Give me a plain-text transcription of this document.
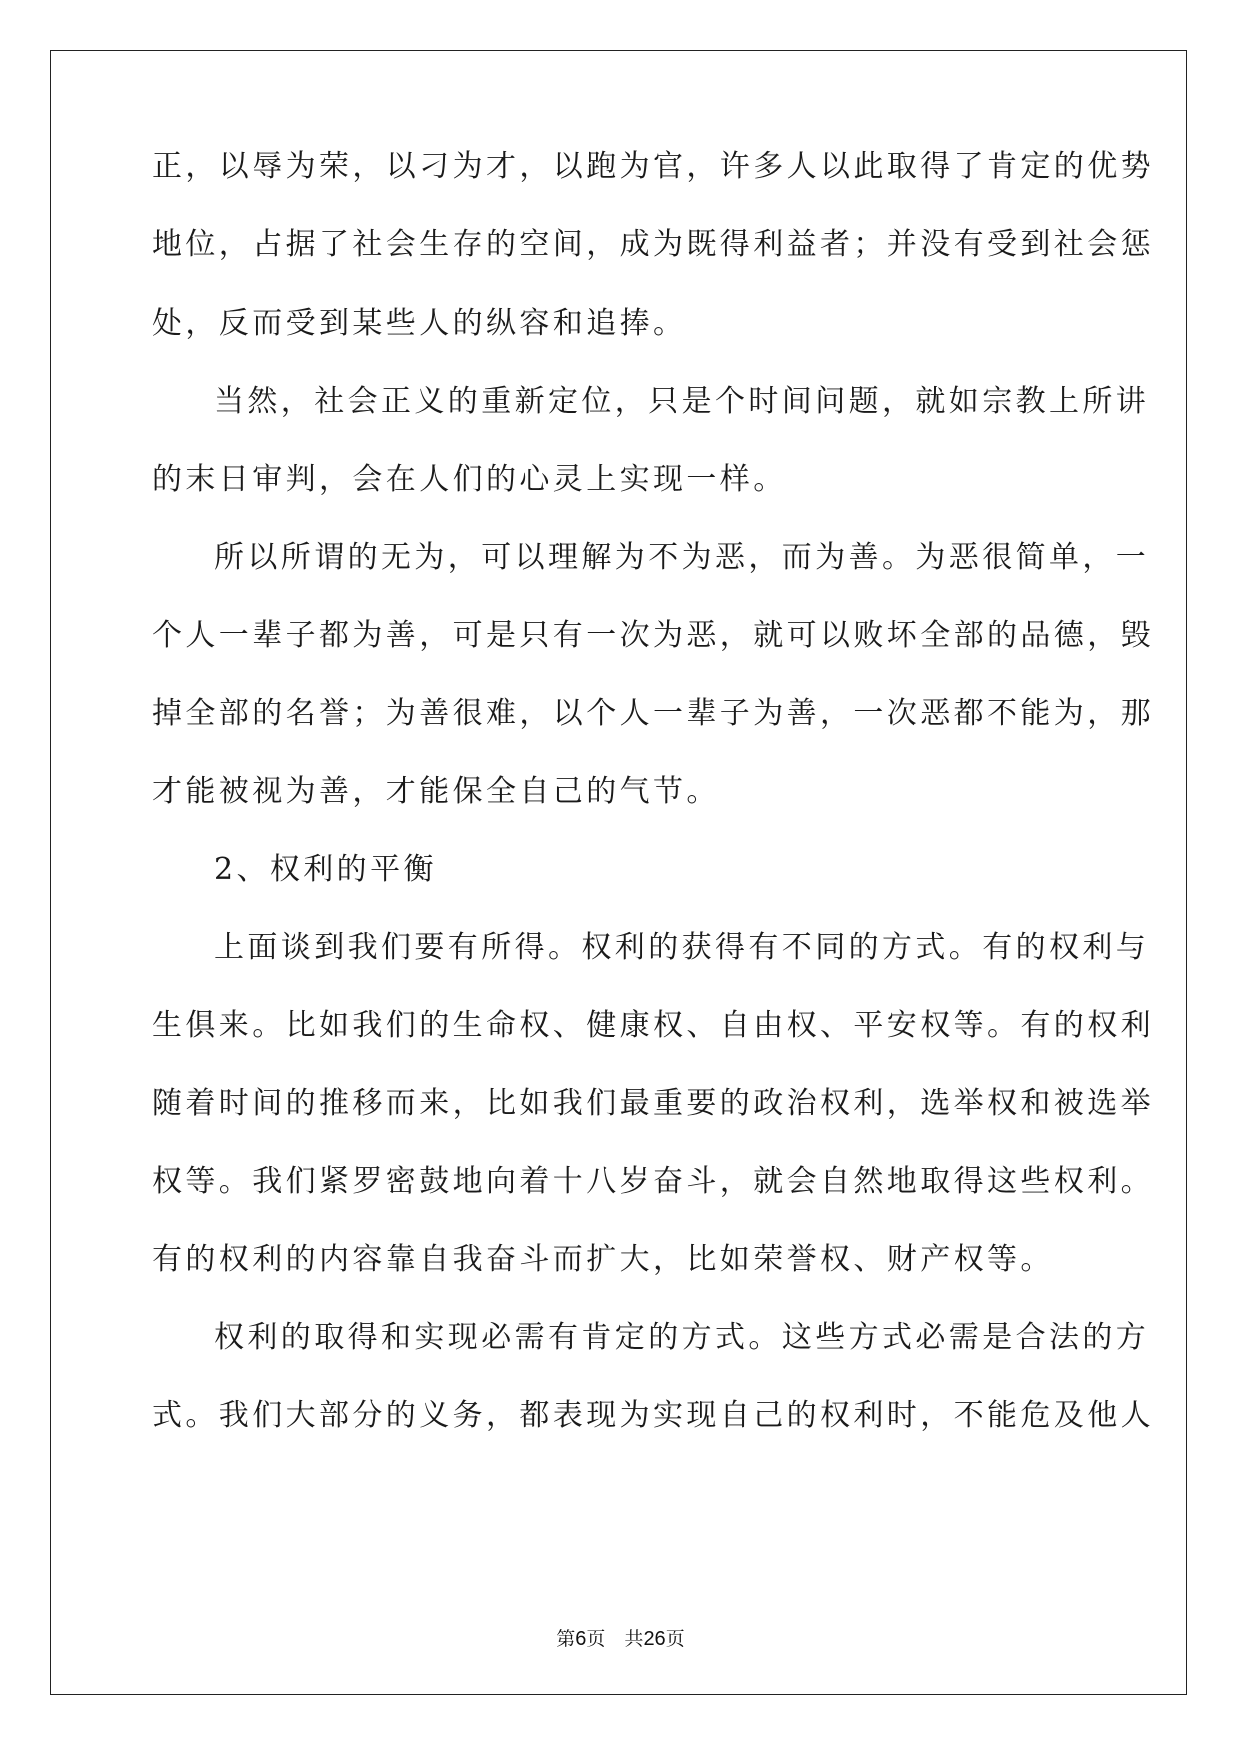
正，以辱为荣，以刁为才，以跑为官，许多人以此取得了肯定的优势
地位，占据了社会生存的空间，成为既得利益者；并没有受到社会惩
处，反而受到某些人的纵容和追捧。
当然，社会正义的重新定位，只是个时间问题，就如宗教上所讲
的末日审判，会在人们的心灵上实现一样。
所以所谓的无为，可以理解为不为恶，而为善。为恶很简单，一
个人一辈子都为善，可是只有一次为恶，就可以败坏全部的品德，毁
掉全部的名誉；为善很难，以个人一辈子为善，一次恶都不能为，那
才能被视为善，才能保全自己的气节。
2、权利的平衡
上面谈到我们要有所得。权利的获得有不同的方式。有的权利与
生俱来。比如我们的生命权、健康权、自由权、平安权等。有的权利
随着时间的推移而来，比如我们最重要的政治权利，选举权和被选举
权等。我们紧罗密鼓地向着十八岁奋斗，就会自然地取得这些权利。
有的权利的内容靠自我奋斗而扩大，比如荣誉权、财产权等。
权利的取得和实现必需有肯定的方式。这些方式必需是合法的方
式。我们大部分的义务，都表现为实现自己的权利时，不能危及他人
第6页　共26页
